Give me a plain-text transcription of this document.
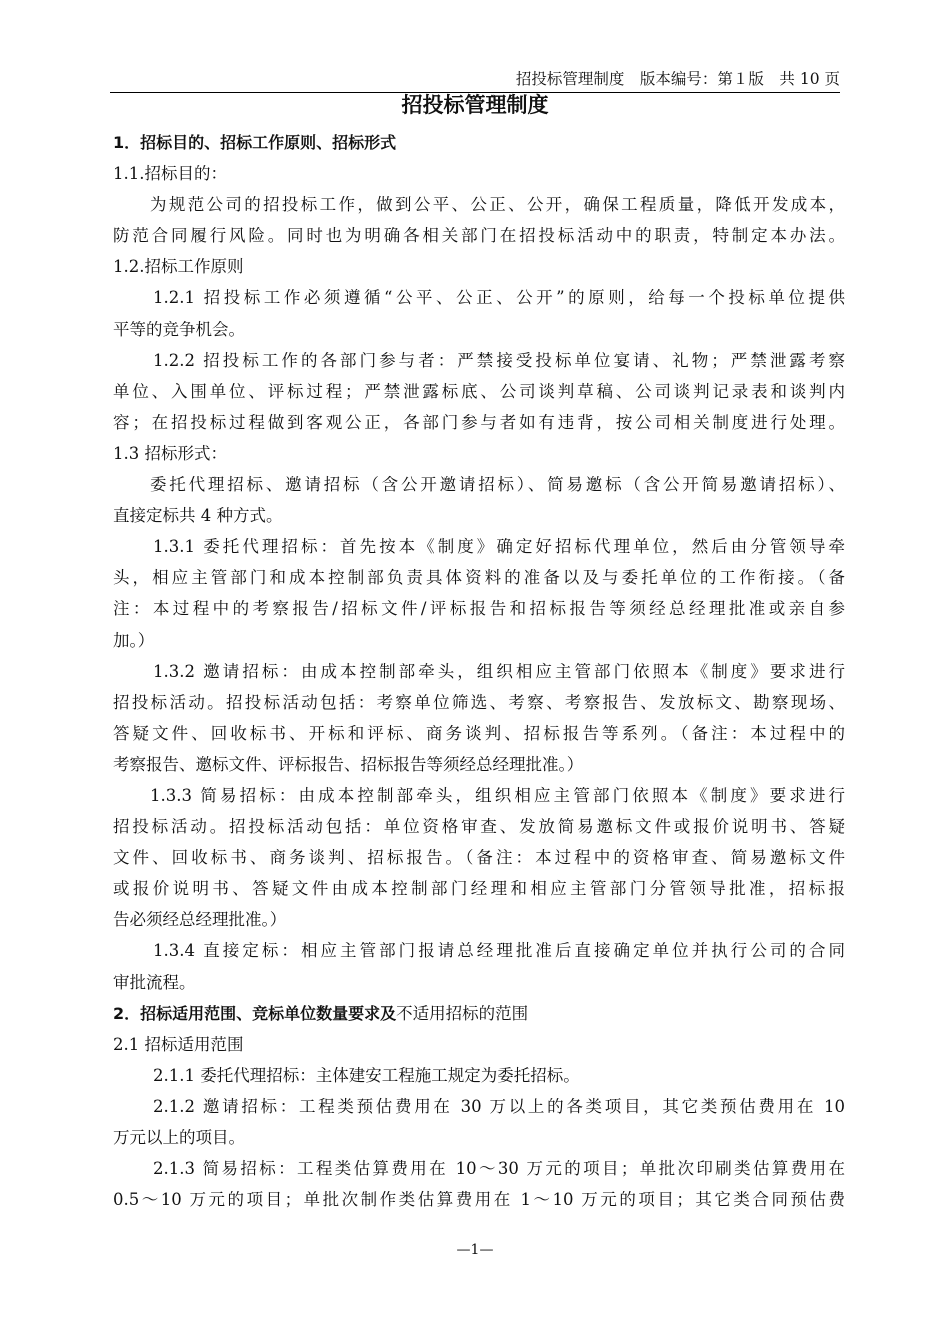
招投标管理制度　版本编号：第１版　共 10 页
招投标管理制度
1．招标目的、招标工作原则、招标形式
1.1.招标目的：
为规范公司的招投标工作，做到公平、公正、公开，确保工程质量，降低开发成本，
防范合同履行风险。同时也为明确各相关部门在招投标活动中的职责，特制定本办法。
1.2.招标工作原则
1.2.1 招投标工作必须遵循“公平、公正、公开”的原则，给每一个投标单位提供
平等的竞争机会。
1.2.2 招投标工作的各部门参与者：严禁接受投标单位宴请、礼物；严禁泄露考察
单位、入围单位、评标过程；严禁泄露标底、公司谈判草稿、公司谈判记录表和谈判内
容；在招投标过程做到客观公正，各部门参与者如有违背，按公司相关制度进行处理。
1.3 招标形式：
委托代理招标、邀请招标（含公开邀请招标）、简易邀标（含公开简易邀请招标）、
直接定标共 4 种方式。
1.3.1 委托代理招标：首先按本《制度》确定好招标代理单位，然后由分管领导牵
头，相应主管部门和成本控制部负责具体资料的准备以及与委托单位的工作衔接。（备
注：本过程中的考察报告/招标文件/评标报告和招标报告等须经总经理批准或亲自参
加。）
1.3.2 邀请招标：由成本控制部牵头，组织相应主管部门依照本《制度》要求进行
招投标活动。招投标活动包括：考察单位筛选、考察、考察报告、发放标文、勘察现场、
答疑文件、回收标书、开标和评标、商务谈判、招标报告等系列。（备注：本过程中的
考察报告、邀标文件、评标报告、招标报告等须经总经理批准。）
1.3.3 简易招标：由成本控制部牵头，组织相应主管部门依照本《制度》要求进行
招投标活动。招投标活动包括：单位资格审查、发放简易邀标文件或报价说明书、答疑
文件、回收标书、商务谈判、招标报告。（备注：本过程中的资格审查、简易邀标文件
或报价说明书、答疑文件由成本控制部门经理和相应主管部门分管领导批准，招标报
告必须经总经理批准。）
1.3.4 直接定标：相应主管部门报请总经理批准后直接确定单位并执行公司的合同
审批流程。
2．招标适用范围、竞标单位数量要求及不适用招标的范围
2.1 招标适用范围
2.1.1 委托代理招标：主体建安工程施工规定为委托招标。
2.1.2 邀请招标：工程类预估费用在 30 万以上的各类项目，其它类预估费用在 10
万元以上的项目。
2.1.3 简易招标：工程类估算费用在 10～30 万元的项目；单批次印刷类估算费用在
0.5～10 万元的项目；单批次制作类估算费用在 1～10 万元的项目；其它类合同预估费
—1—
